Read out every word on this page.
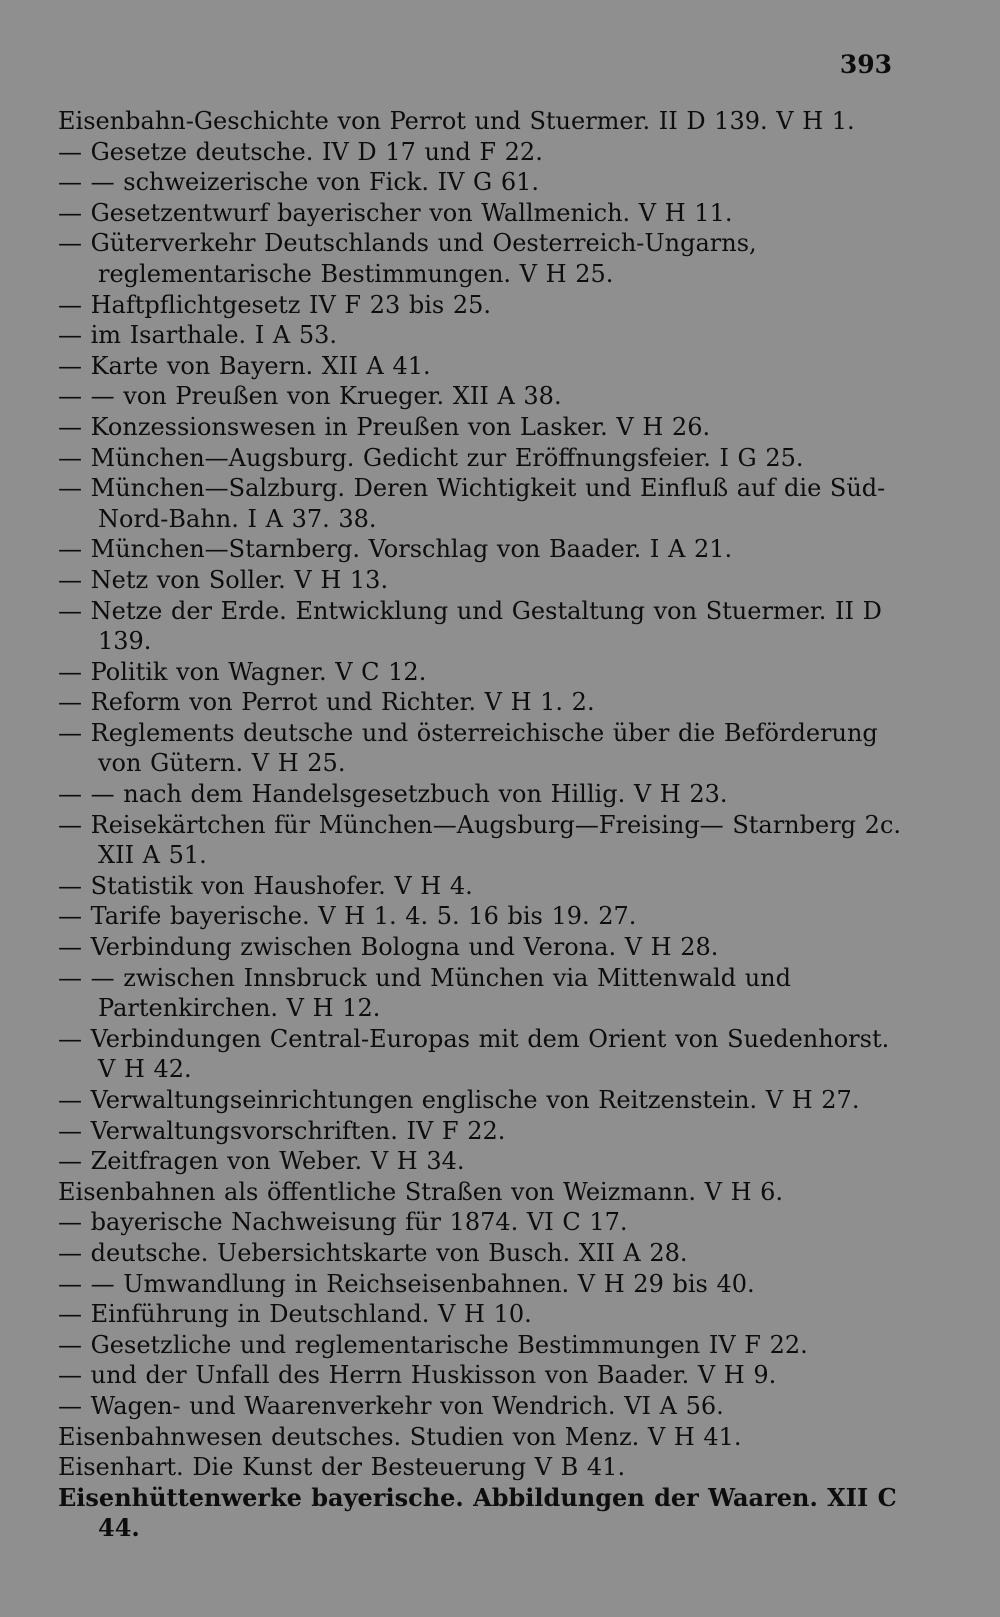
393
Eisenbahn-Geschichte von Perrot und Stuermer. II D 139. V H 1.
— Gesetze deutsche. IV D 17 und F 22.
— — schweizerische von Fick. IV G 61.
— Gesetzentwurf bayerischer von Wallmenich. V H 11.
— Güterverkehr Deutschlands und Oesterreich-Ungarns, reglementarische Bestimmungen. V H 25.
— Haftpflichtgesetz IV F 23 bis 25.
— im Isarthale. I A 53.
— Karte von Bayern. XII A 41.
— — von Preußen von Krueger. XII A 38.
— Konzessionswesen in Preußen von Lasker. V H 26.
— München—Augsburg. Gedicht zur Eröffnungsfeier. I G 25.
— München—Salzburg. Deren Wichtigkeit und Einfluß auf die Süd-Nord-Bahn. I A 37. 38.
— München—Starnberg. Vorschlag von Baader. I A 21.
— Netz von Soller. V H 13.
— Netze der Erde. Entwicklung und Gestaltung von Stuermer. II D 139.
— Politik von Wagner. V C 12.
— Reform von Perrot und Richter. V H 1. 2.
— Reglements deutsche und österreichische über die Beförderung von Gütern. V H 25.
— — nach dem Handelsgesetzbuch von Hillig. V H 23.
— Reisekärtchen für München—Augsburg—Freising— Starnberg 2c. XII A 51.
— Statistik von Haushofer. V H 4.
— Tarife bayerische. V H 1. 4. 5. 16 bis 19. 27.
— Verbindung zwischen Bologna und Verona. V H 28.
— — zwischen Innsbruck und München via Mittenwald und Partenkirchen. V H 12.
— Verbindungen Central-Europas mit dem Orient von Suedenhorst. V H 42.
— Verwaltungseinrichtungen englische von Reitzenstein. V H 27.
— Verwaltungsvorschriften. IV F 22.
— Zeitfragen von Weber. V H 34.
Eisenbahnen als öffentliche Straßen von Weizmann. V H 6.
— bayerische Nachweisung für 1874. VI C 17.
— deutsche. Uebersichtskarte von Busch. XII A 28.
— — Umwandlung in Reichseisenbahnen. V H 29 bis 40.
— Einführung in Deutschland. V H 10.
— Gesetzliche und reglementarische Bestimmungen IV F 22.
— und der Unfall des Herrn Huskisson von Baader. V H 9.
— Wagen- und Waarenverkehr von Wendrich. VI A 56.
Eisenbahnwesen deutsches. Studien von Menz. V H 41.
Eisenhart. Die Kunst der Besteuerung V B 41.
Eisenhüttenwerke bayerische. Abbildungen der Waaren. XII C 44.
